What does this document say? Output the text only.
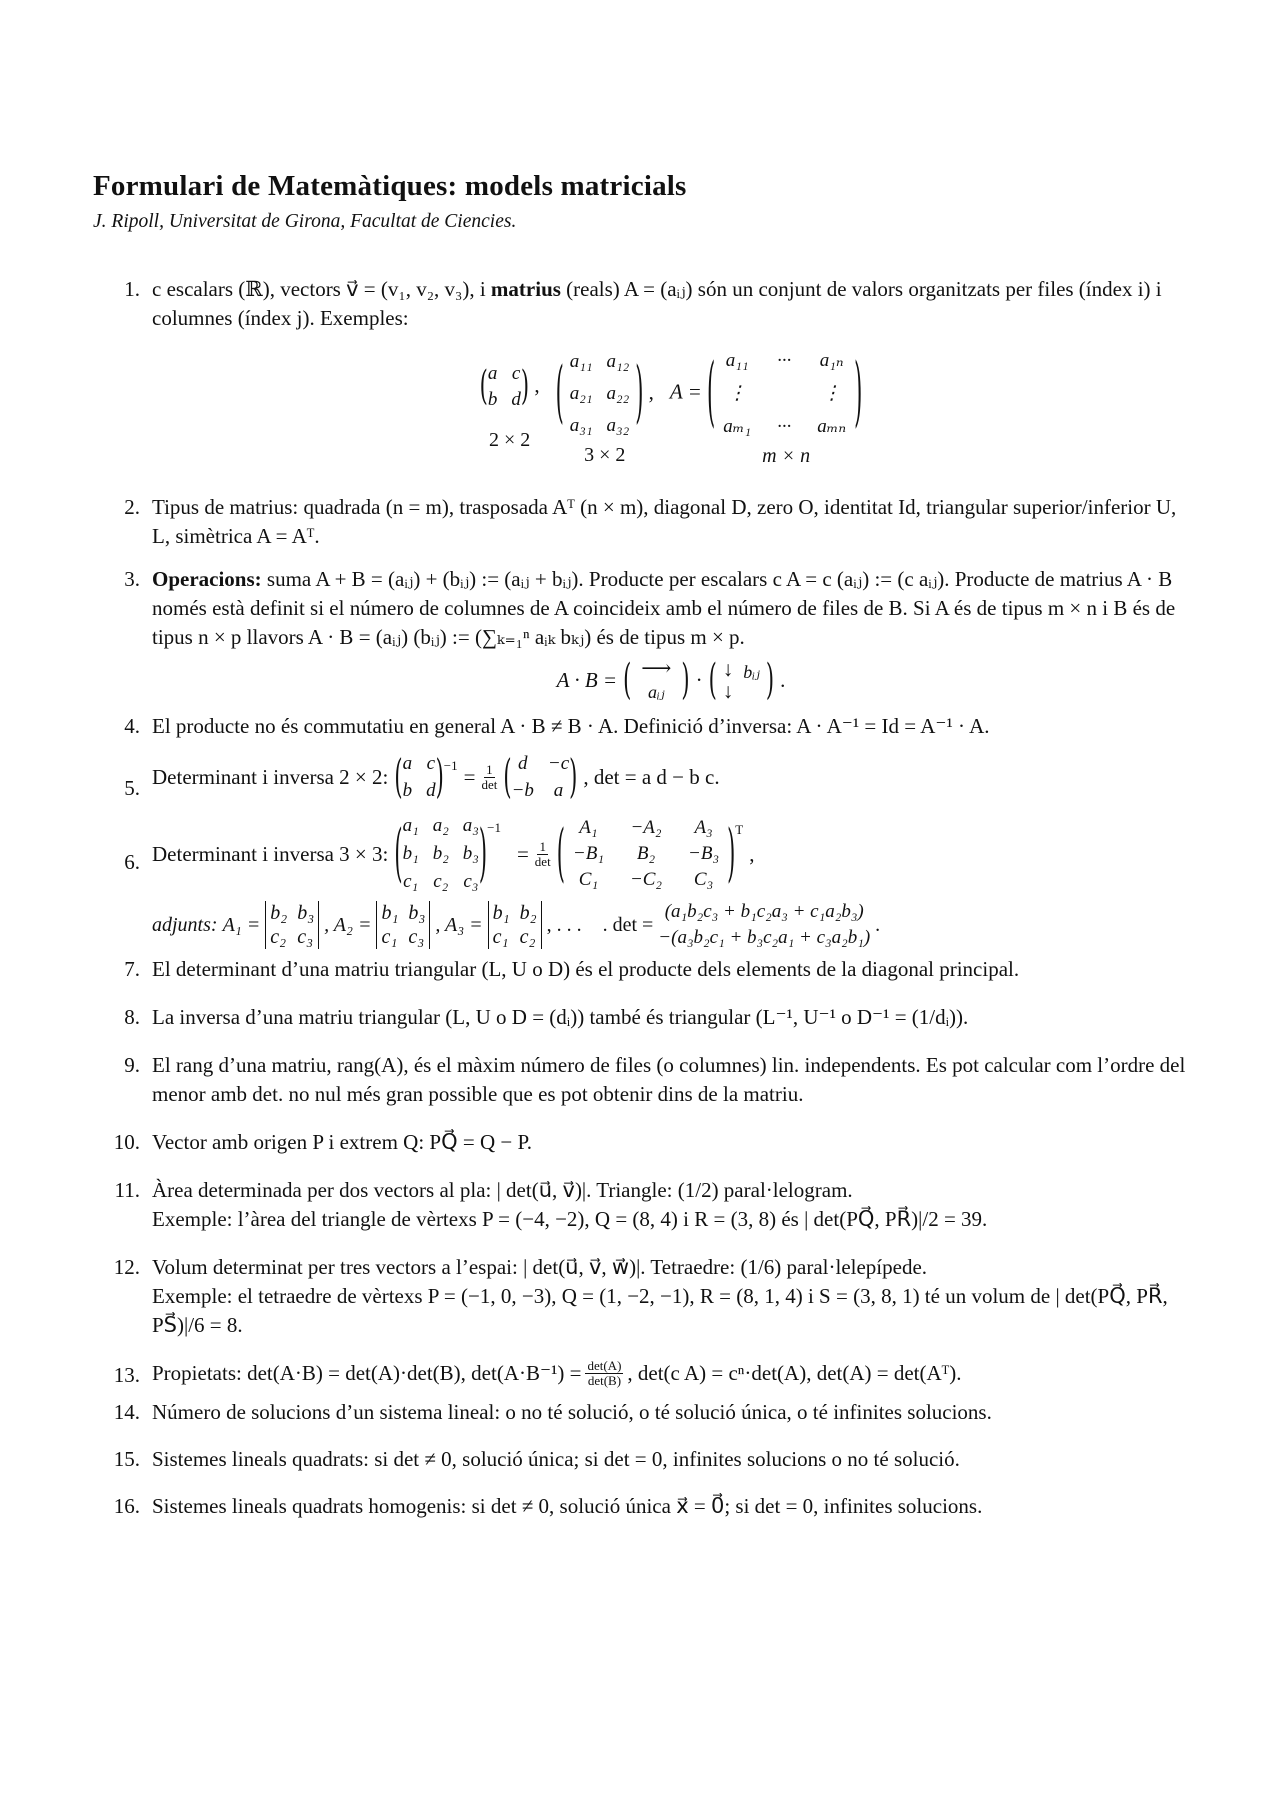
Formulari de Matemàtiques: models matricials
J. Ripoll, Universitat de Girona, Facultat de Ciencies.
1. c escalars (ℝ), vectors v⃗ = (v₁, v₂, v₃), i matrius (reals) A = (aᵢⱼ) són un conjunt de valors organitzats per files (índex i) i columnes (índex j). Exemples:
( a c
b d ) ,
2 × 2
( a₁₁ a₁₂
a₂₁ a₂₂
a₃₁ a₃₂ ) ,
3 × 2
A = ( a₁₁ ··· a₁ₙ
⋮	⋮
aₘ₁ ··· aₘₙ )
m × n
2. Tipus de matrius: quadrada (n = m), trasposada Aᵀ (n × m), diagonal D, zero O, identitat Id, triangular superior/inferior U, L, simètrica A = Aᵀ.
3. Operacions: suma A + B = (aᵢⱼ) + (bᵢⱼ) := (aᵢⱼ + bᵢⱼ). Producte per escalars c A = c (aᵢⱼ) := (c aᵢⱼ). Producte de matrius A · B només està definit si el número de columnes de A coincideix amb el número de files de B. Si A és de tipus m × n i B és de tipus n × p llavors A · B = (aᵢⱼ) (bᵢⱼ) := (∑ₖ₌₁ⁿ aᵢₖ bₖⱼ) és de tipus m × p.
A · B = ( ⟶
aᵢⱼ ) · ( ↓
↓
bᵢⱼ ) .
4. El producte no és commutatiu en general A · B ≠ B · A. Definició d’inversa: A · A⁻¹ = Id = A⁻¹ · A.
5. Determinant i inversa 2 × 2: ( a c
b d )$^{-1} = \frac{1}{\det}$ ( d	−c
−b	a ) , det = a d − b c.
6. Determinant i inversa 3 × 3: ( a₁ a₂ a₃
b₁ b₂ b₃
c₁ c₂ c₃ )$^{-1}$
= $\frac{1}{\det}$ ( A₁	−A₂	A₃
−B₁	B₂	−B₃
C₁	−C₂	C₃ )$^T$
,
adjunts: A₁ =
b₂ b₃
c₂ c₃
, A₂ =
b₁ b₃
c₁ c₃
, A₃ =
b₁ b₂
c₁ c₂
, . . . . det =
(a₁b₂c₃ + b₁c₂a₃ + c₁a₂b₃)
−(a₃b₂c₁ + b₃c₂a₁ + c₃a₂b₁)
.
7. El determinant d’una matriu triangular (L, U o D) és el producte dels elements de la diagonal principal.
8. La inversa d’una matriu triangular (L, U o D = (dᵢ)) també és triangular (L⁻¹, U⁻¹ o D⁻¹ = (1/dᵢ)).
9. El rang d’una matriu, rang(A), és el màxim número de files (o columnes) lin. independents. Es pot calcular com l’ordre del menor amb det. no nul més gran possible que es pot obtenir dins de la matriu.
10. Vector amb origen P i extrem Q: PQ⃗ = Q − P.
11. Àrea determinada per dos vectors al pla: | det(u⃗, v⃗)|. Triangle: (1/2) paral·lelogram.
Exemple: l’àrea del triangle de vèrtexs P = (−4, −2), Q = (8, 4) i R = (3, 8) és | det(PQ⃗, PR⃗)|/2 = 39.
12. Volum determinat per tres vectors a l’espai: | det(u⃗, v⃗, w⃗)|. Tetraedre: (1/6) paral·lelepípede.
Exemple: el tetraedre de vèrtexs P = (−1, 0, −3), Q = (1, −2, −1), R = (8, 1, 4) i S = (3, 8, 1) té un volum de | det(PQ⃗, PR⃗, PS⃗)|/6 = 8.
13. Propietats: det(A·B) = det(A)·det(B), $\det(A\cdot B^{-1}) = \frac{\det(A)}{\det(B)}$ , det(c A) = cⁿ·det(A), det(A) = det(Aᵀ).
14. Número de solucions d’un sistema lineal: o no té solució, o té solució única, o té infinites solucions.
15. Sistemes lineals quadrats: si det ≠ 0, solució única; si det = 0, infinites solucions o no té solució.
16. Sistemes lineals quadrats homogenis: si det ≠ 0, solució única x⃗ = 0⃗; si det = 0, infinites solucions.
